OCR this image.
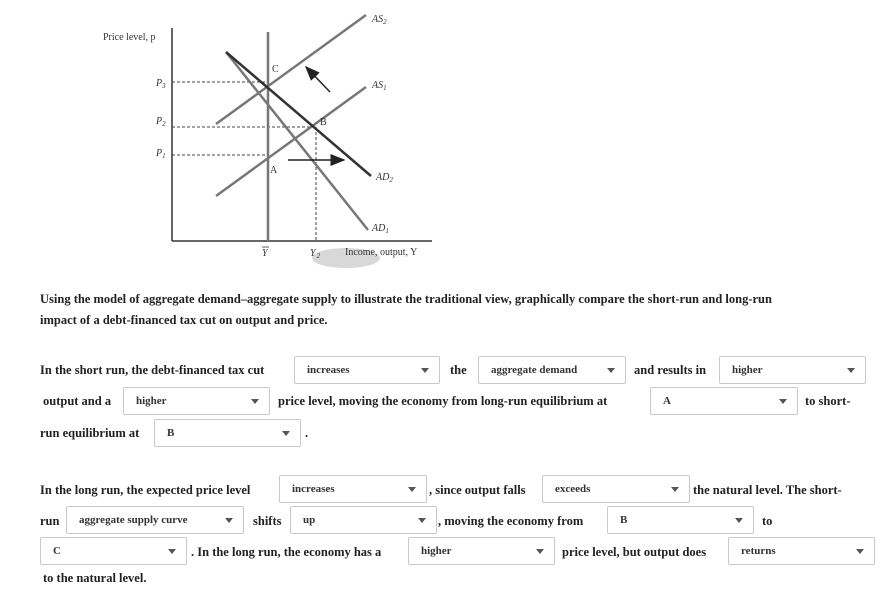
Price level, p
Income, output, Y
$P_3$
$P_2$
$P_1$
$AS_2$
$AS_1$
$AD_2$
$AD_1$
C
B
A
Y	$Y_2$
Using the model of aggregate demand–aggregate supply to illustrate the traditional view, graphically compare the short-run and long-run
impact of a debt-financed tax cut on output and price.
In the short run, the debt-financed tax cut	increases	the	aggregate demand	and results in	higher
output and a	higher	price level, moving the economy from long-run equilibrium at	A	to short-
run equilibrium at	B	.
In the long run, the expected price level	increases	, since output falls	exceeds	the natural level. The short-
run	aggregate supply curve	shifts	up	, moving the economy from	B	to
C	. In the long run, the economy has a	higher	price level, but output does	returns
to the natural level.
